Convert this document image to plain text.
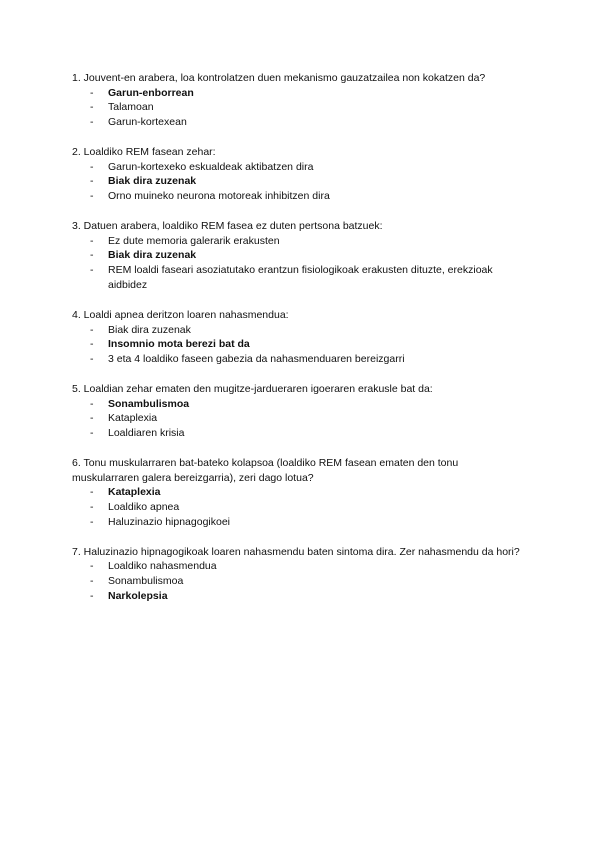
1. Jouvent-en arabera, loa kontrolatzen duen mekanismo gauzatzailea non kokatzen da?

- Garun-enborrean
- Talamoan
- Garun-kortexean

2. Loaldiko REM fasean zehar:

- Garun-kortexeko eskualdeak aktibatzen dira
- Biak dira zuzenak
- Orno muineko neurona motoreak inhibitzen dira

3. Datuen arabera, loaldiko REM fasea ez duten pertsona batzuek:

- Ez dute memoria galerarik erakusten
- Biak dira zuzenak
- REM loaldi faseari asoziatutako erantzun fisiologikoak erakusten dituzte, erekzioak aidbidez

4. Loaldi apnea deritzon loaren nahasmendua:

- Biak dira zuzenak
- Insomnio mota berezi bat da
- 3 eta 4 loaldiko faseen gabezia da nahasmenduaren bereizgarri

5. Loaldian zehar ematen den mugitze-jardueraren igoeraren erakusle bat da:

- Sonambulismoa
- Kataplexia
- Loaldiaren krisia

6. Tonu muskularraren bat-bateko kolapsoa (loaldiko REM fasean ematen den tonu muskularraren galera bereizgarria), zeri dago lotua?

- Kataplexia
- Loaldiko apnea
- Haluzinazio hipnagogikoei

7. Haluzinazio hipnagogikoak loaren nahasmendu baten sintoma dira. Zer nahasmendu da hori?

- Loaldiko nahasmendua
- Sonambulismoa
- Narkolepsia
